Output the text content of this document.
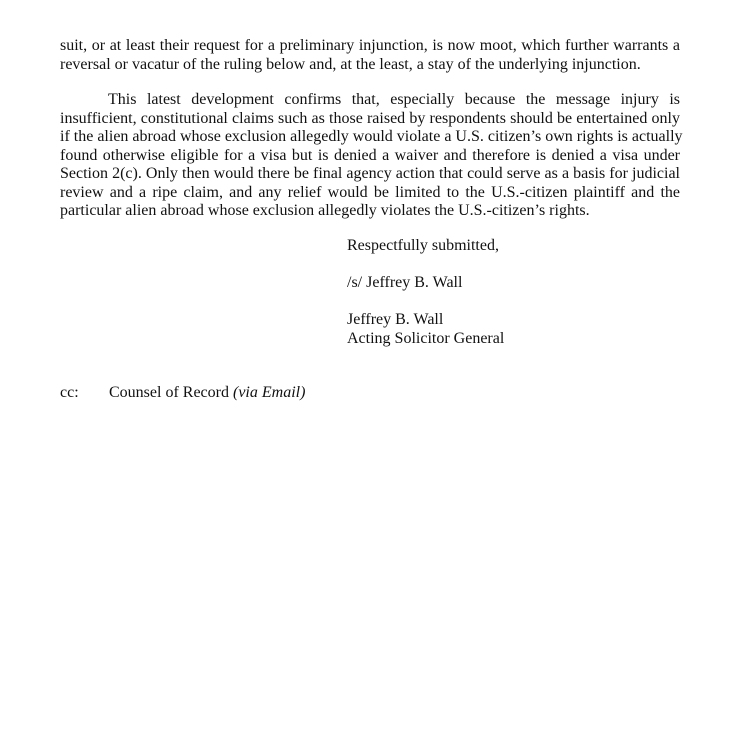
suit, or at least their request for a preliminary injunction, is now moot, which further warrants a
reversal or vacatur of the ruling below and, at the least, a stay of the underlying injunction.
This latest development confirms that, especially because the message injury is
insufficient, constitutional claims such as those raised by respondents should be entertained only
if the alien abroad whose exclusion allegedly would violate a U.S. citizen’s own rights is actually
found otherwise eligible for a visa but is denied a waiver and therefore is denied a visa under
Section 2(c). Only then would there be final agency action that could serve as a basis for judicial
review and a ripe claim, and any relief would be limited to the U.S.-citizen plaintiff and the
particular alien abroad whose exclusion allegedly violates the U.S.-citizen’s rights.
Respectfully submitted,
/s/ Jeffrey B. Wall
Jeffrey B. Wall
Acting Solicitor General
cc: Counsel of Record (via Email)
